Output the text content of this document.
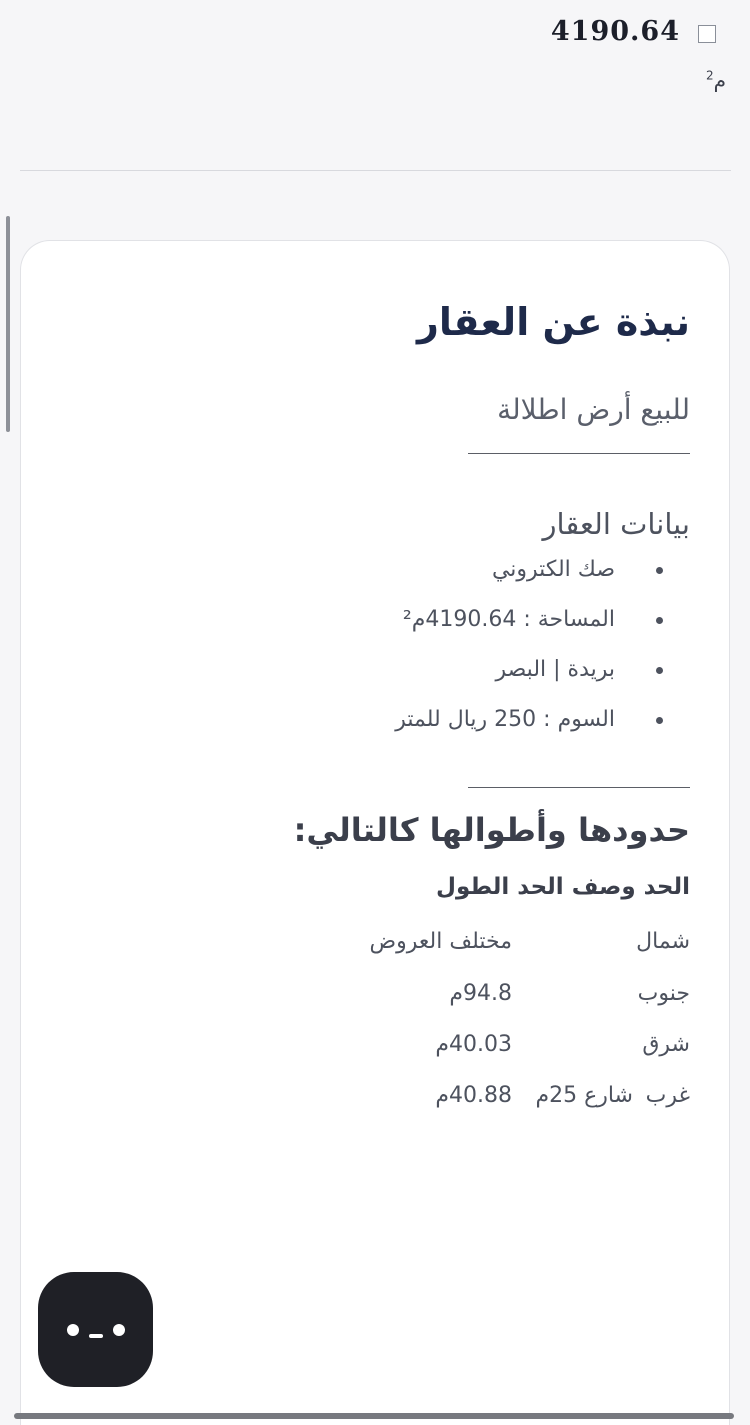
4190.64
م$^2$
نبذة عن العقار
للبيع أرض اطلالة
بيانات العقار
صك الكتروني
المساحة : 4190.64م²
بريدة | البصر
السوم : 250 ريال للمتر
حدودها وأطوالها كالتالي:
الحد وصف الحد الطول
شمال
مختلف العروض
جنوب
94.8م
شرق
40.03م
غرب
شارع 25م
40.88م
